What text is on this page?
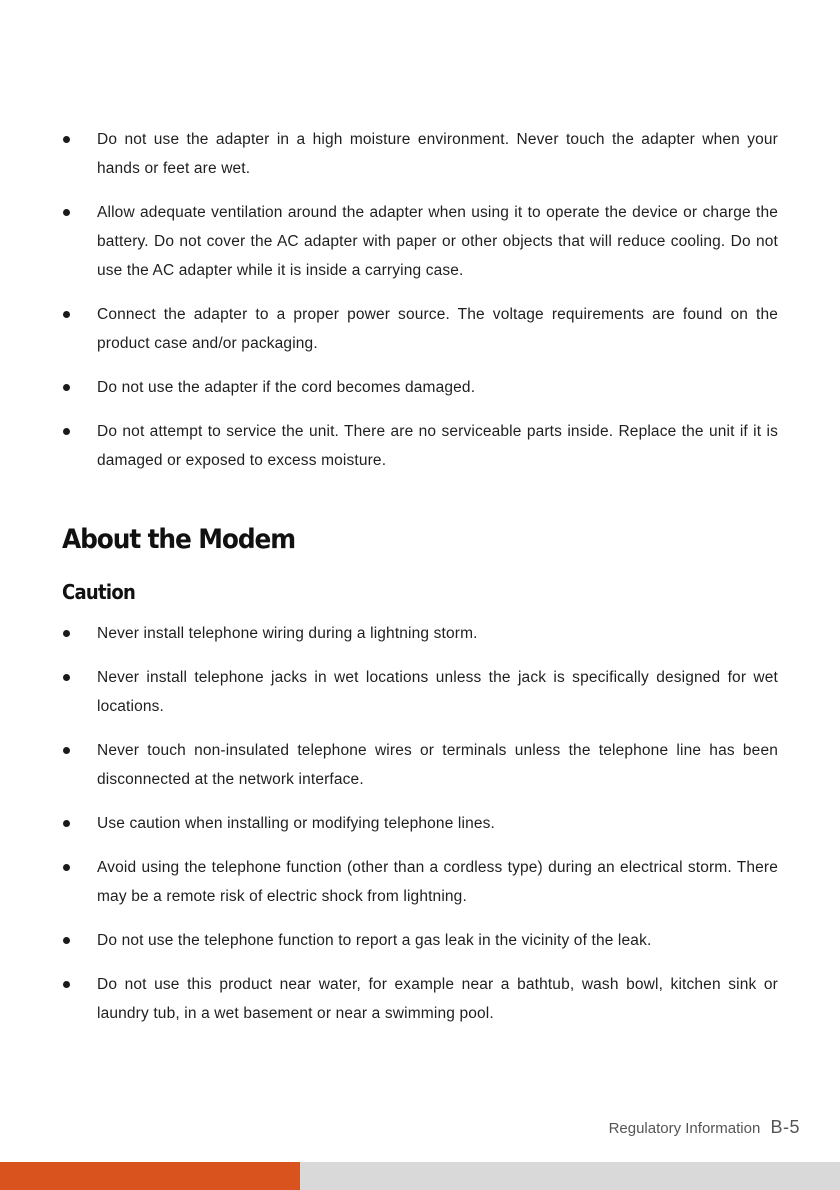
Do not use the adapter in a high moisture environment. Never touch the adapter when your hands or feet are wet.
Allow adequate ventilation around the adapter when using it to operate the device or charge the battery. Do not cover the AC adapter with paper or other objects that will reduce cooling. Do not use the AC adapter while it is inside a carrying case.
Connect the adapter to a proper power source. The voltage requirements are found on the product case and/or packaging.
Do not use the adapter if the cord becomes damaged.
Do not attempt to service the unit. There are no serviceable parts inside. Replace the unit if it is damaged or exposed to excess moisture.
About the Modem
Caution
Never install telephone wiring during a lightning storm.
Never install telephone jacks in wet locations unless the jack is specifically designed for wet locations.
Never touch non-insulated telephone wires or terminals unless the telephone line has been disconnected at the network interface.
Use caution when installing or modifying telephone lines.
Avoid using the telephone function (other than a cordless type) during an electrical storm. There may be a remote risk of electric shock from lightning.
Do not use the telephone function to report a gas leak in the vicinity of the leak.
Do not use this product near water, for example near a bathtub, wash bowl, kitchen sink or laundry tub, in a wet basement or near a swimming pool.
Regulatory Information B-5
